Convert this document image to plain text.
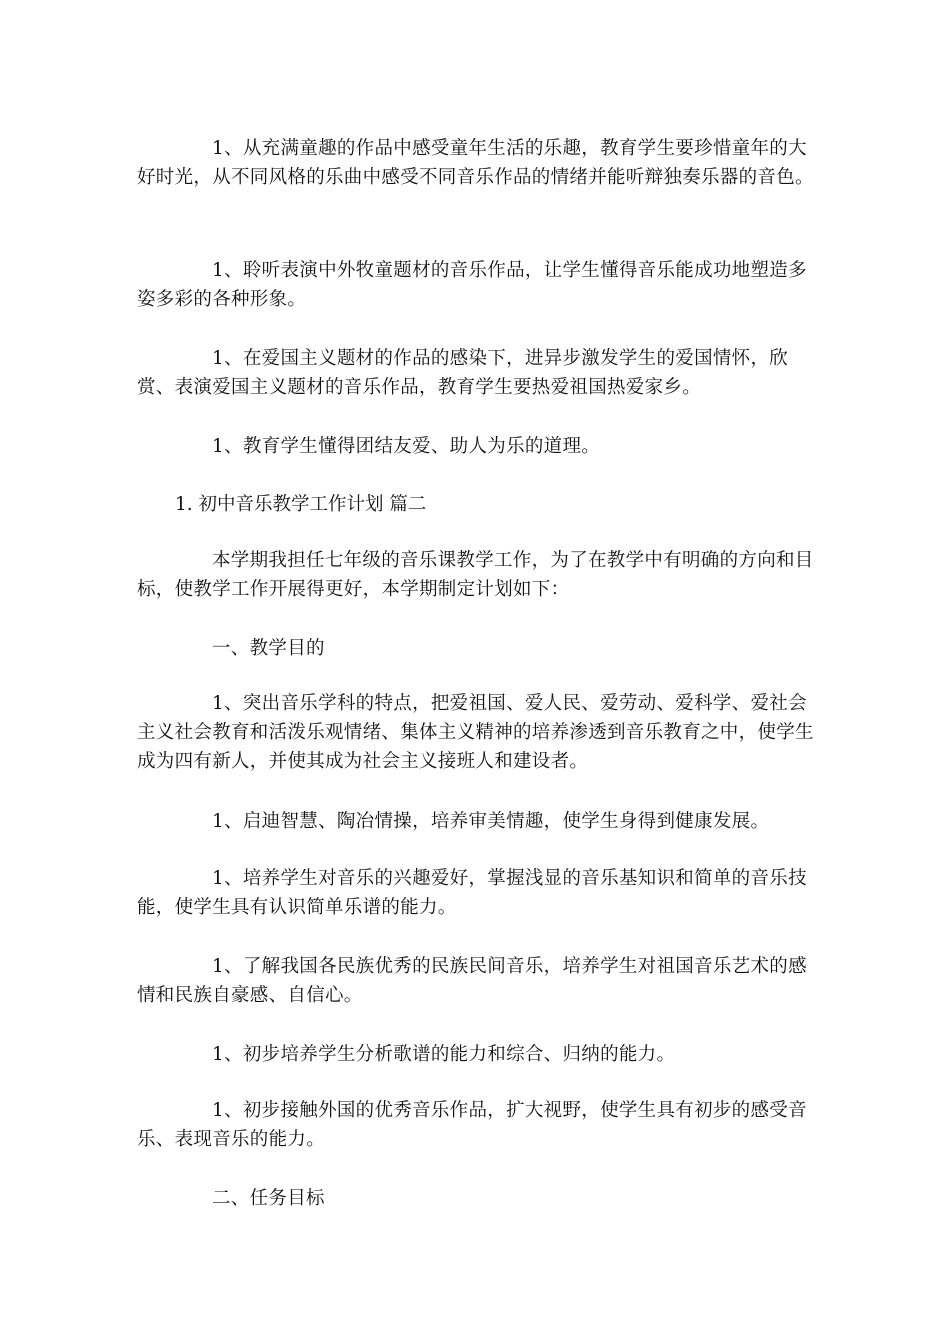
1、从充满童趣的作品中感受童年生活的乐趣，教育学生要珍惜童年的大好时光，从不同风格的乐曲中感受不同音乐作品的情绪并能听辩独奏乐器的音色。

1、聆听表演中外牧童题材的音乐作品，让学生懂得音乐能成功地塑造多姿多彩的各种形象。

1、在爱国主义题材的作品的感染下，进异步激发学生的爱国情怀，欣赏、表演爱国主义题材的音乐作品，教育学生要热爱祖国热爱家乡。

1、教育学生懂得团结友爱、助人为乐的道理。

1. 初中音乐教学工作计划 篇二

本学期我担任七年级的音乐课教学工作，为了在教学中有明确的方向和目标，使教学工作开展得更好，本学期制定计划如下：

一、教学目的

1、突出音乐学科的特点，把爱祖国、爱人民、爱劳动、爱科学、爱社会主义社会教育和活泼乐观情绪、集体主义精神的培养渗透到音乐教育之中，使学生成为四有新人，并使其成为社会主义接班人和建设者。

1、启迪智慧、陶冶情操，培养审美情趣，使学生身得到健康发展。

1、培养学生对音乐的兴趣爱好，掌握浅显的音乐基知识和简单的音乐技能，使学生具有认识简单乐谱的能力。

1、了解我国各民族优秀的民族民间音乐，培养学生对祖国音乐艺术的感情和民族自豪感、自信心。

1、初步培养学生分析歌谱的能力和综合、归纳的能力。

1、初步接触外国的优秀音乐作品，扩大视野，使学生具有初步的感受音乐、表现音乐的能力。

二、任务目标
